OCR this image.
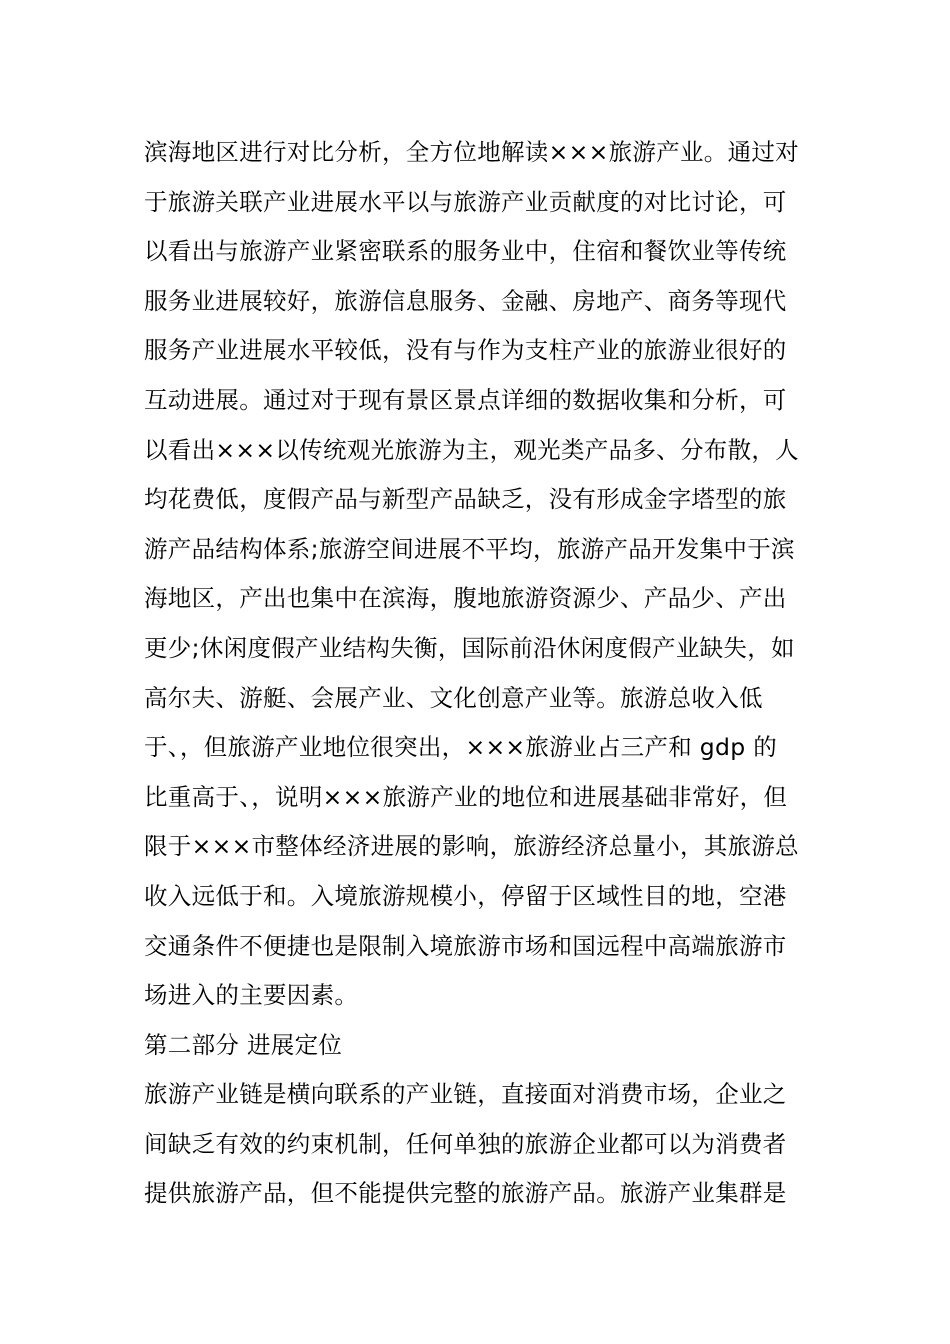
滨海地区进行对比分析，全方位地解读×××旅游产业。通过对
于旅游关联产业进展水平以与旅游产业贡献度的对比讨论，可
以看出与旅游产业紧密联系的服务业中，住宿和餐饮业等传统
服务业进展较好，旅游信息服务、金融、房地产、商务等现代
服务产业进展水平较低，没有与作为支柱产业的旅游业很好的
互动进展。通过对于现有景区景点详细的数据收集和分析，可
以看出×××以传统观光旅游为主，观光类产品多、分布散，人
均花费低，度假产品与新型产品缺乏，没有形成金字塔型的旅
游产品结构体系;旅游空间进展不平均，旅游产品开发集中于滨
海地区，产出也集中在滨海，腹地旅游资源少、产品少、产出
更少;休闲度假产业结构失衡，国际前沿休闲度假产业缺失，如
高尔夫、游艇、会展产业、文化创意产业等。旅游总收入低
于、，但旅游产业地位很突出，×××旅游业占三产和 gdp 的
比重高于、，说明×××旅游产业的地位和进展基础非常好，但
限于×××市整体经济进展的影响，旅游经济总量小，其旅游总
收入远低于和。入境旅游规模小，停留于区域性目的地，空港
交通条件不便捷也是限制入境旅游市场和国远程中高端旅游市
场进入的主要因素。
第二部分 进展定位
旅游产业链是横向联系的产业链，直接面对消费市场，企业之
间缺乏有效的约束机制，任何单独的旅游企业都可以为消费者
提供旅游产品，但不能提供完整的旅游产品。旅游产业集群是
